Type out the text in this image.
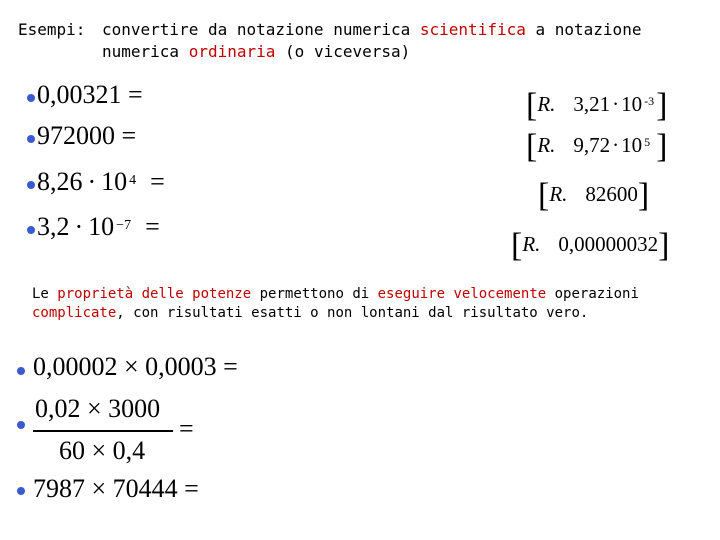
Esempi: convertire da notazione numerica scientifica a notazione
numerica ordinaria (o viceversa)
0,00321 =
972000 =
8,26 · 10 $^4$ =
3,2 · 10 $^{-7}$ =
[R. 3,21·10 $^{-3}$]
[R. 9,72·10 $^5$ ]
[R. 82600]
[R. 0,00000032]
Le proprietà delle potenze permettono di eseguire velocemente operazioni
complicate, con risultati esatti o non lontani dal risultato vero.
0,00002 × 0,0003 =
0,02 × 3000
60 × 0,4
=
7987 × 70444 =
